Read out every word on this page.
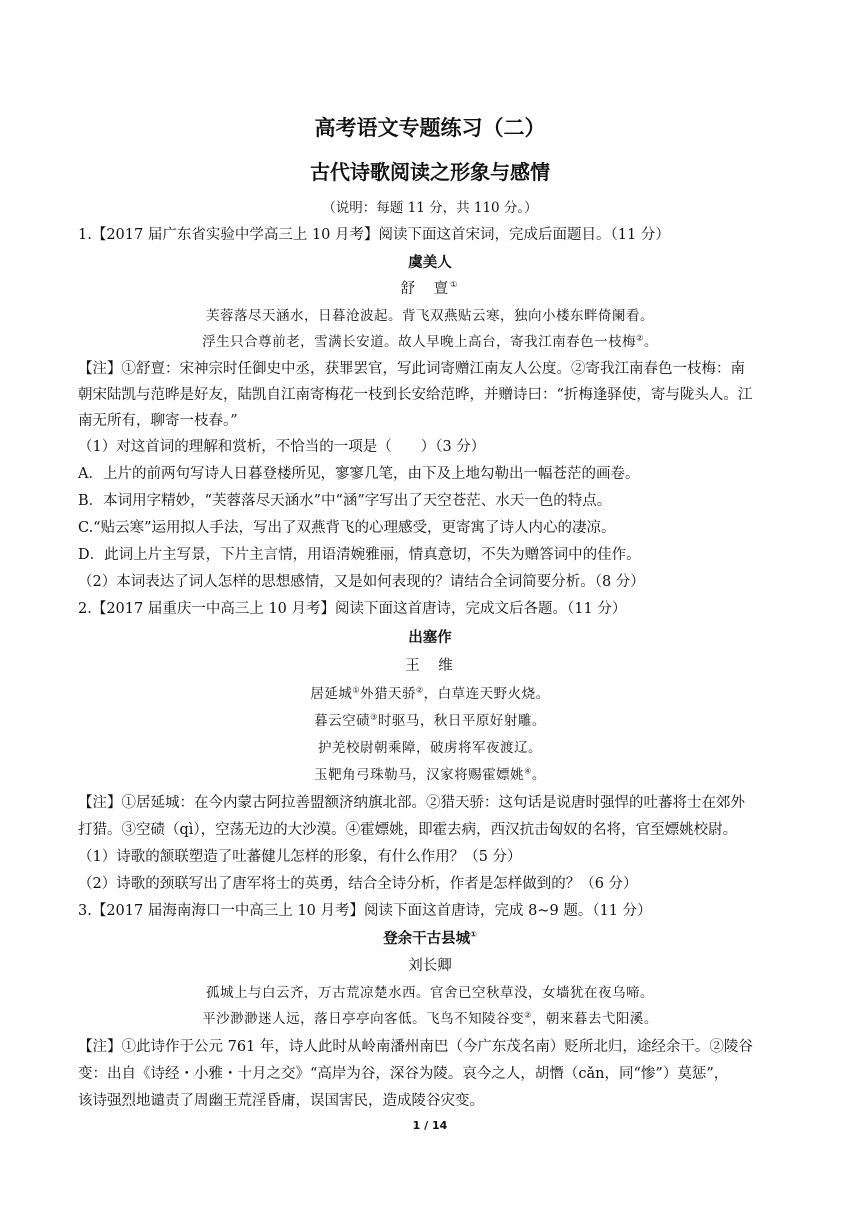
高考语文专题练习（二）
古代诗歌阅读之形象与感情
（说明：每题 11 分，共 110 分。）
1.【2017 届广东省实验中学高三上 10 月考】阅读下面这首宋词，完成后面题目。（11 分）
虞美人
舒　亶①
芙蓉落尽天涵水，日暮沧波起。背飞双燕贴云寒，独向小楼东畔倚阑看。
浮生只合尊前老，雪满长安道。故人早晚上高台，寄我江南春色一枝梅②。
【注】①舒亶：宋神宗时任御史中丞，获罪罢官，写此词寄赠江南友人公度。②寄我江南春色一枝梅：南
朝宋陆凯与范晔是好友，陆凯自江南寄梅花一枝到长安给范晔，并赠诗曰：“折梅逢驿使，寄与陇头人。江
南无所有，聊寄一枝春。”
（1）对这首词的理解和赏析，不恰当的一项是（　　）（3 分）
A．上片的前两句写诗人日暮登楼所见，寥寥几笔，由下及上地勾勒出一幅苍茫的画卷。
B．本词用字精妙，“芙蓉落尽天涵水”中“涵”字写出了天空苍茫、水天一色的特点。
C.“贴云寒”运用拟人手法，写出了双燕背飞的心理感受，更寄寓了诗人内心的凄凉。
D．此词上片主写景，下片主言情，用语清婉雅丽，情真意切，不失为赠答词中的佳作。
（2）本词表达了词人怎样的思想感情，又是如何表现的？请结合全词简要分析。（8 分）
2.【2017 届重庆一中高三上 10 月考】阅读下面这首唐诗，完成文后各题。（11 分）
出塞作
王　维
居延城①外猎天骄②，白草连天野火烧。
暮云空碛③时驱马，秋日平原好射雕。
护羌校尉朝乘障，破虏将军夜渡辽。
玉靶角弓珠勒马，汉家将赐霍嫖姚④。
【注】①居延城：在今内蒙古阿拉善盟额济纳旗北部。②猎天骄：这句话是说唐时强悍的吐蕃将士在郊外
打猎。③空碛（qì），空荡无边的大沙漠。④霍嫖姚，即霍去病，西汉抗击匈奴的名将，官至嫖姚校尉。
（1）诗歌的颔联塑造了吐蕃健儿怎样的形象，有什么作用？（5 分）
（2）诗歌的颈联写出了唐军将士的英勇，结合全诗分析，作者是怎样做到的？（6 分）
3.【2017 届海南海口一中高三上 10 月考】阅读下面这首唐诗，完成 8~9 题。（11 分）
登余干古县城①
刘长卿
孤城上与白云齐，万古荒凉楚水西。官舍已空秋草没，女墙犹在夜乌啼。
平沙渺渺迷人远，落日亭亭向客低。飞鸟不知陵谷变②，朝来暮去弋阳溪。
【注】①此诗作于公元 761 年，诗人此时从岭南潘州南巴（今广东茂名南）贬所北归，途经余干。②陵谷
变：出自《诗经・小雅・十月之交》“高岸为谷，深谷为陵。哀今之人，胡憯（cǎn，同“惨”）莫惩”，
该诗强烈地谴责了周幽王荒淫昏庸，误国害民，造成陵谷灾变。
1 / 14
